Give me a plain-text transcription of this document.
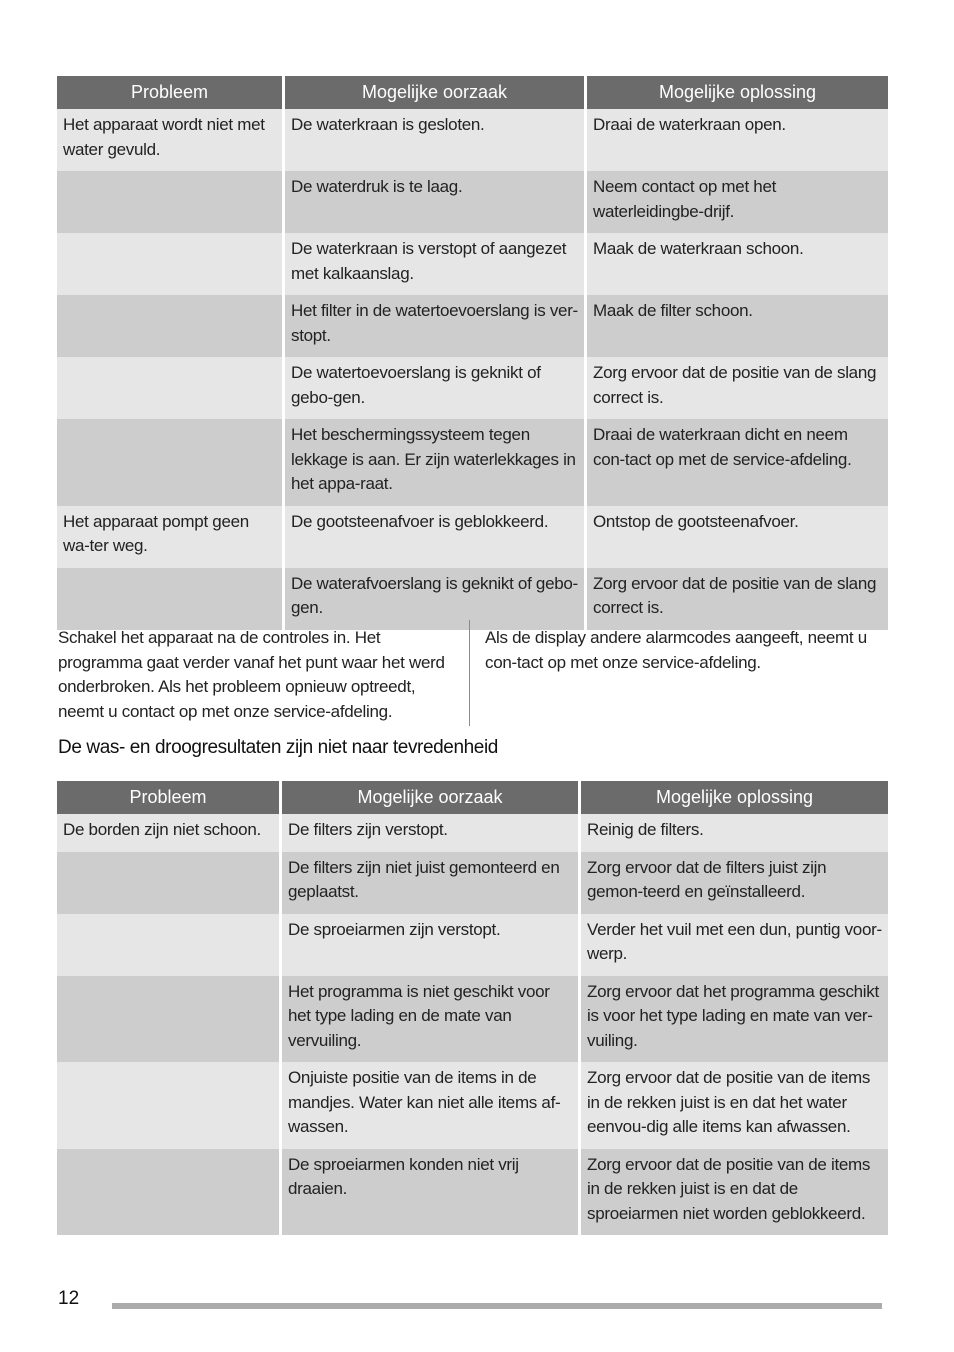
Probleem	Mogelijke oorzaak	Mogelijke oplossing
Het apparaat wordt niet met water gevuld.	De waterkraan is gesloten.	Draai de waterkraan open.
	De waterdruk is te laag.	Neem contact op met het waterleidingbe-drijf.
	De waterkraan is verstopt of aangezet met kalkaanslag.	Maak de waterkraan schoon.
	Het filter in de watertoevoerslang is ver-stopt.	Maak de filter schoon.
	De watertoevoerslang is geknikt of gebo-gen.	Zorg ervoor dat de positie van de slang correct is.
	Het beschermingssysteem tegen lekkage is aan. Er zijn waterlekkages in het appa-raat.	Draai de waterkraan dicht en neem con-tact op met de service-afdeling.
Het apparaat pompt geen wa-ter weg.	De gootsteenafvoer is geblokkeerd.	Ontstop de gootsteenafvoer.
	De waterafvoerslang is geknikt of gebo-gen.	Zorg ervoor dat de positie van de slang correct is.
Schakel het apparaat na de controles in. Het programma gaat verder vanaf het punt waar het werd onderbroken. Als het probleem opnieuw optreedt, neemt u contact op met onze service-afdeling.
Als de display andere alarmcodes aangeeft, neemt u con-tact op met onze service-afdeling.
De was- en droogresultaten zijn niet naar tevredenheid
Probleem	Mogelijke oorzaak	Mogelijke oplossing
De borden zijn niet schoon.	De filters zijn verstopt.	Reinig de filters.
	De filters zijn niet juist gemonteerd en geplaatst.	Zorg ervoor dat de filters juist zijn gemon-teerd en geïnstalleerd.
	De sproeiarmen zijn verstopt.	Verder het vuil met een dun, puntig voor-werp.
	Het programma is niet geschikt voor het type lading en de mate van vervuiling.	Zorg ervoor dat het programma geschikt is voor het type lading en mate van ver-vuiling.
	Onjuiste positie van de items in de mandjes. Water kan niet alle items af-wassen.	Zorg ervoor dat de positie van de items in de rekken juist is en dat het water eenvou-dig alle items kan afwassen.
	De sproeiarmen konden niet vrij draaien.	Zorg ervoor dat de positie van de items in de rekken juist is en dat de sproeiarmen niet worden geblokkeerd.
12
